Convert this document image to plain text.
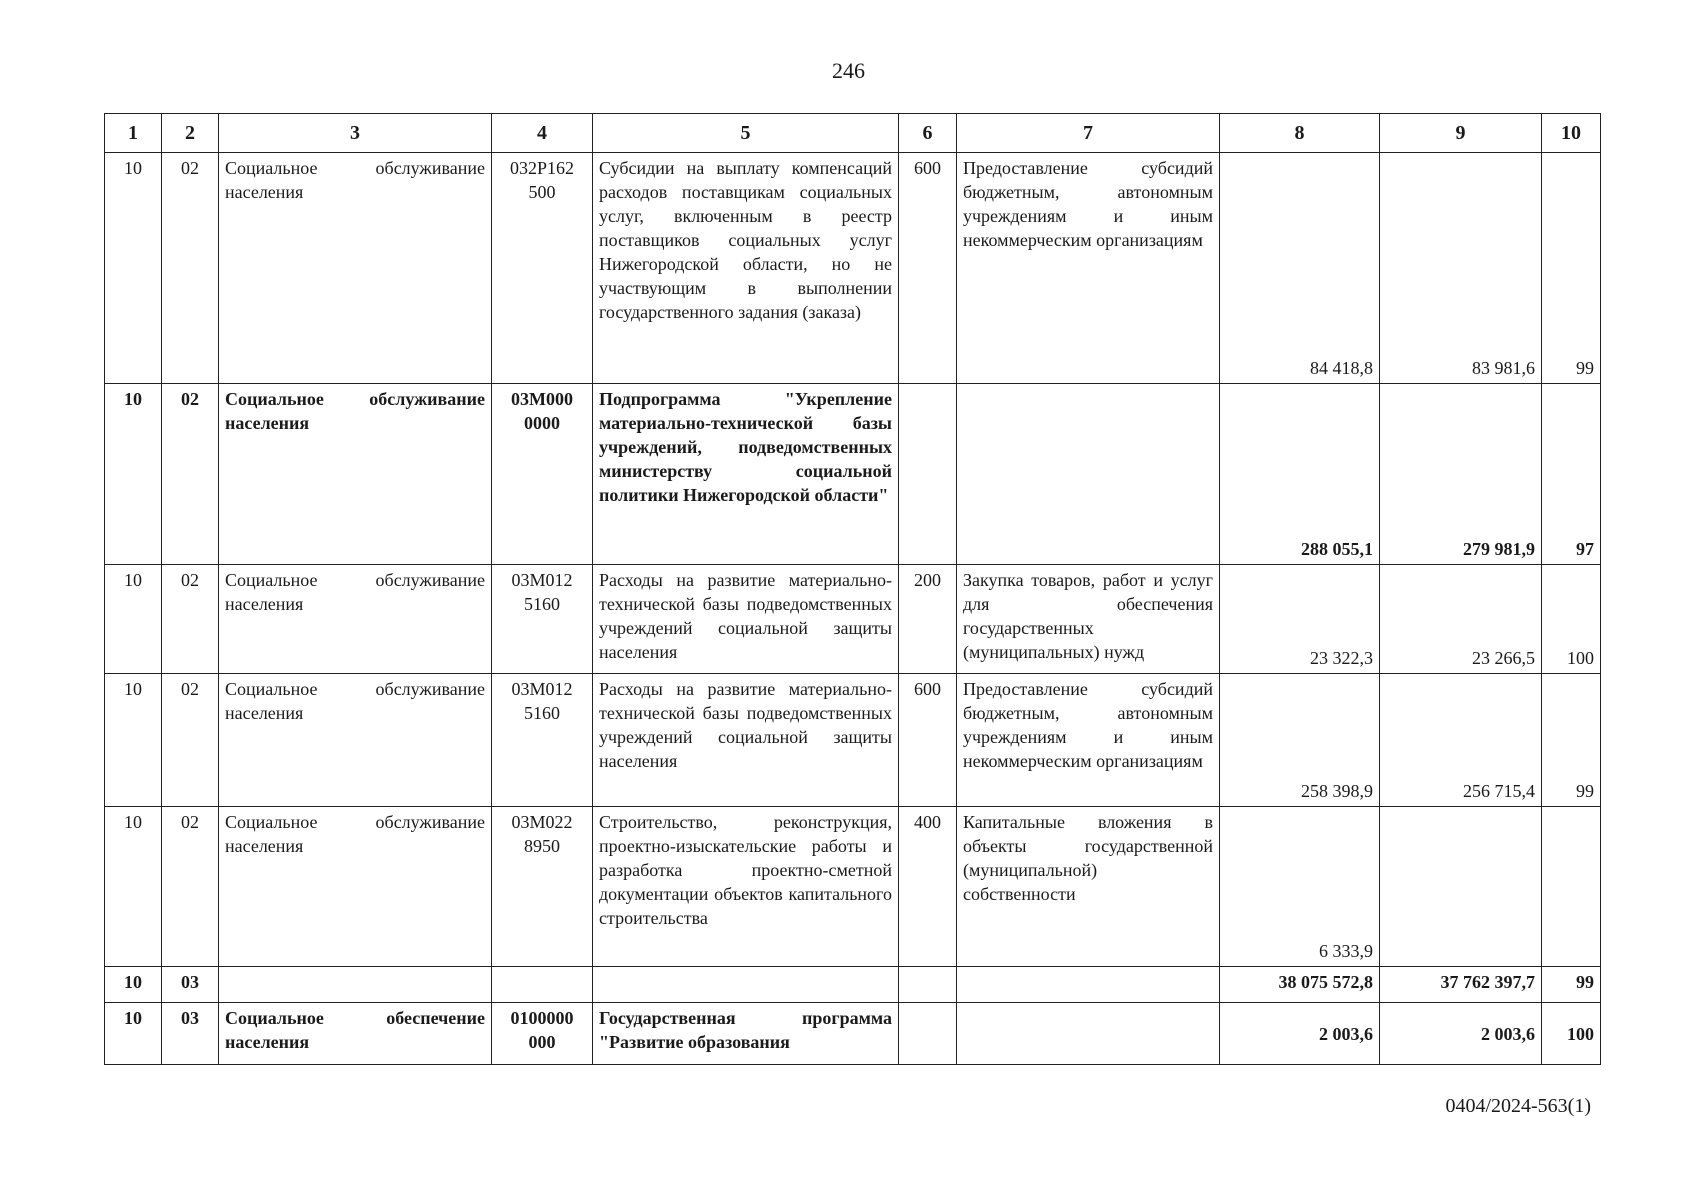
246
1	2	3	4	5	6	7	8	9	10
10	02	Социальное обслуживание населения	032P162 500	Субсидии на выплату компенсаций расходов поставщикам социальных услуг, включенным в реестр поставщиков социальных услуг Нижегородской области, но не участвующим в выполнении государственного задания (заказа)	600	Предоставление субсидий бюджетным, автономным учреждениям и иным некоммерческим организациям	84 418,8	83 981,6	99
10	02	Социальное обслуживание населения	03М000 0000	Подпрограмма "Укрепление материально-технической базы учреждений, подведомственных министерству социальной политики Нижегородской области"			288 055,1	279 981,9	97
10	02	Социальное обслуживание населения	03М012 5160	Расходы на развитие материально-технической базы подведомственных учреждений социальной защиты населения	200	Закупка товаров, работ и услуг для обеспечения государственных (муниципальных) нужд	23 322,3	23 266,5	100
10	02	Социальное обслуживание населения	03М012 5160	Расходы на развитие материально-технической базы подведомственных учреждений социальной защиты населения	600	Предоставление субсидий бюджетным, автономным учреждениям и иным некоммерческим организациям	258 398,9	256 715,4	99
10	02	Социальное обслуживание населения	03М022 8950	Строительство, реконструкция, проектно-изыскательские работы и разработка проектно-сметной документации объектов капитального строительства	400	Капитальные вложения в объекты государственной (муниципальной) собственности	6 333,9		
10	03						38 075 572,8	37 762 397,7	99
10	03	Социальное обеспечение населения	0100000 000	Государственная программа "Развитие образования			2 003,6	2 003,6	100
0404/2024-563(1)
